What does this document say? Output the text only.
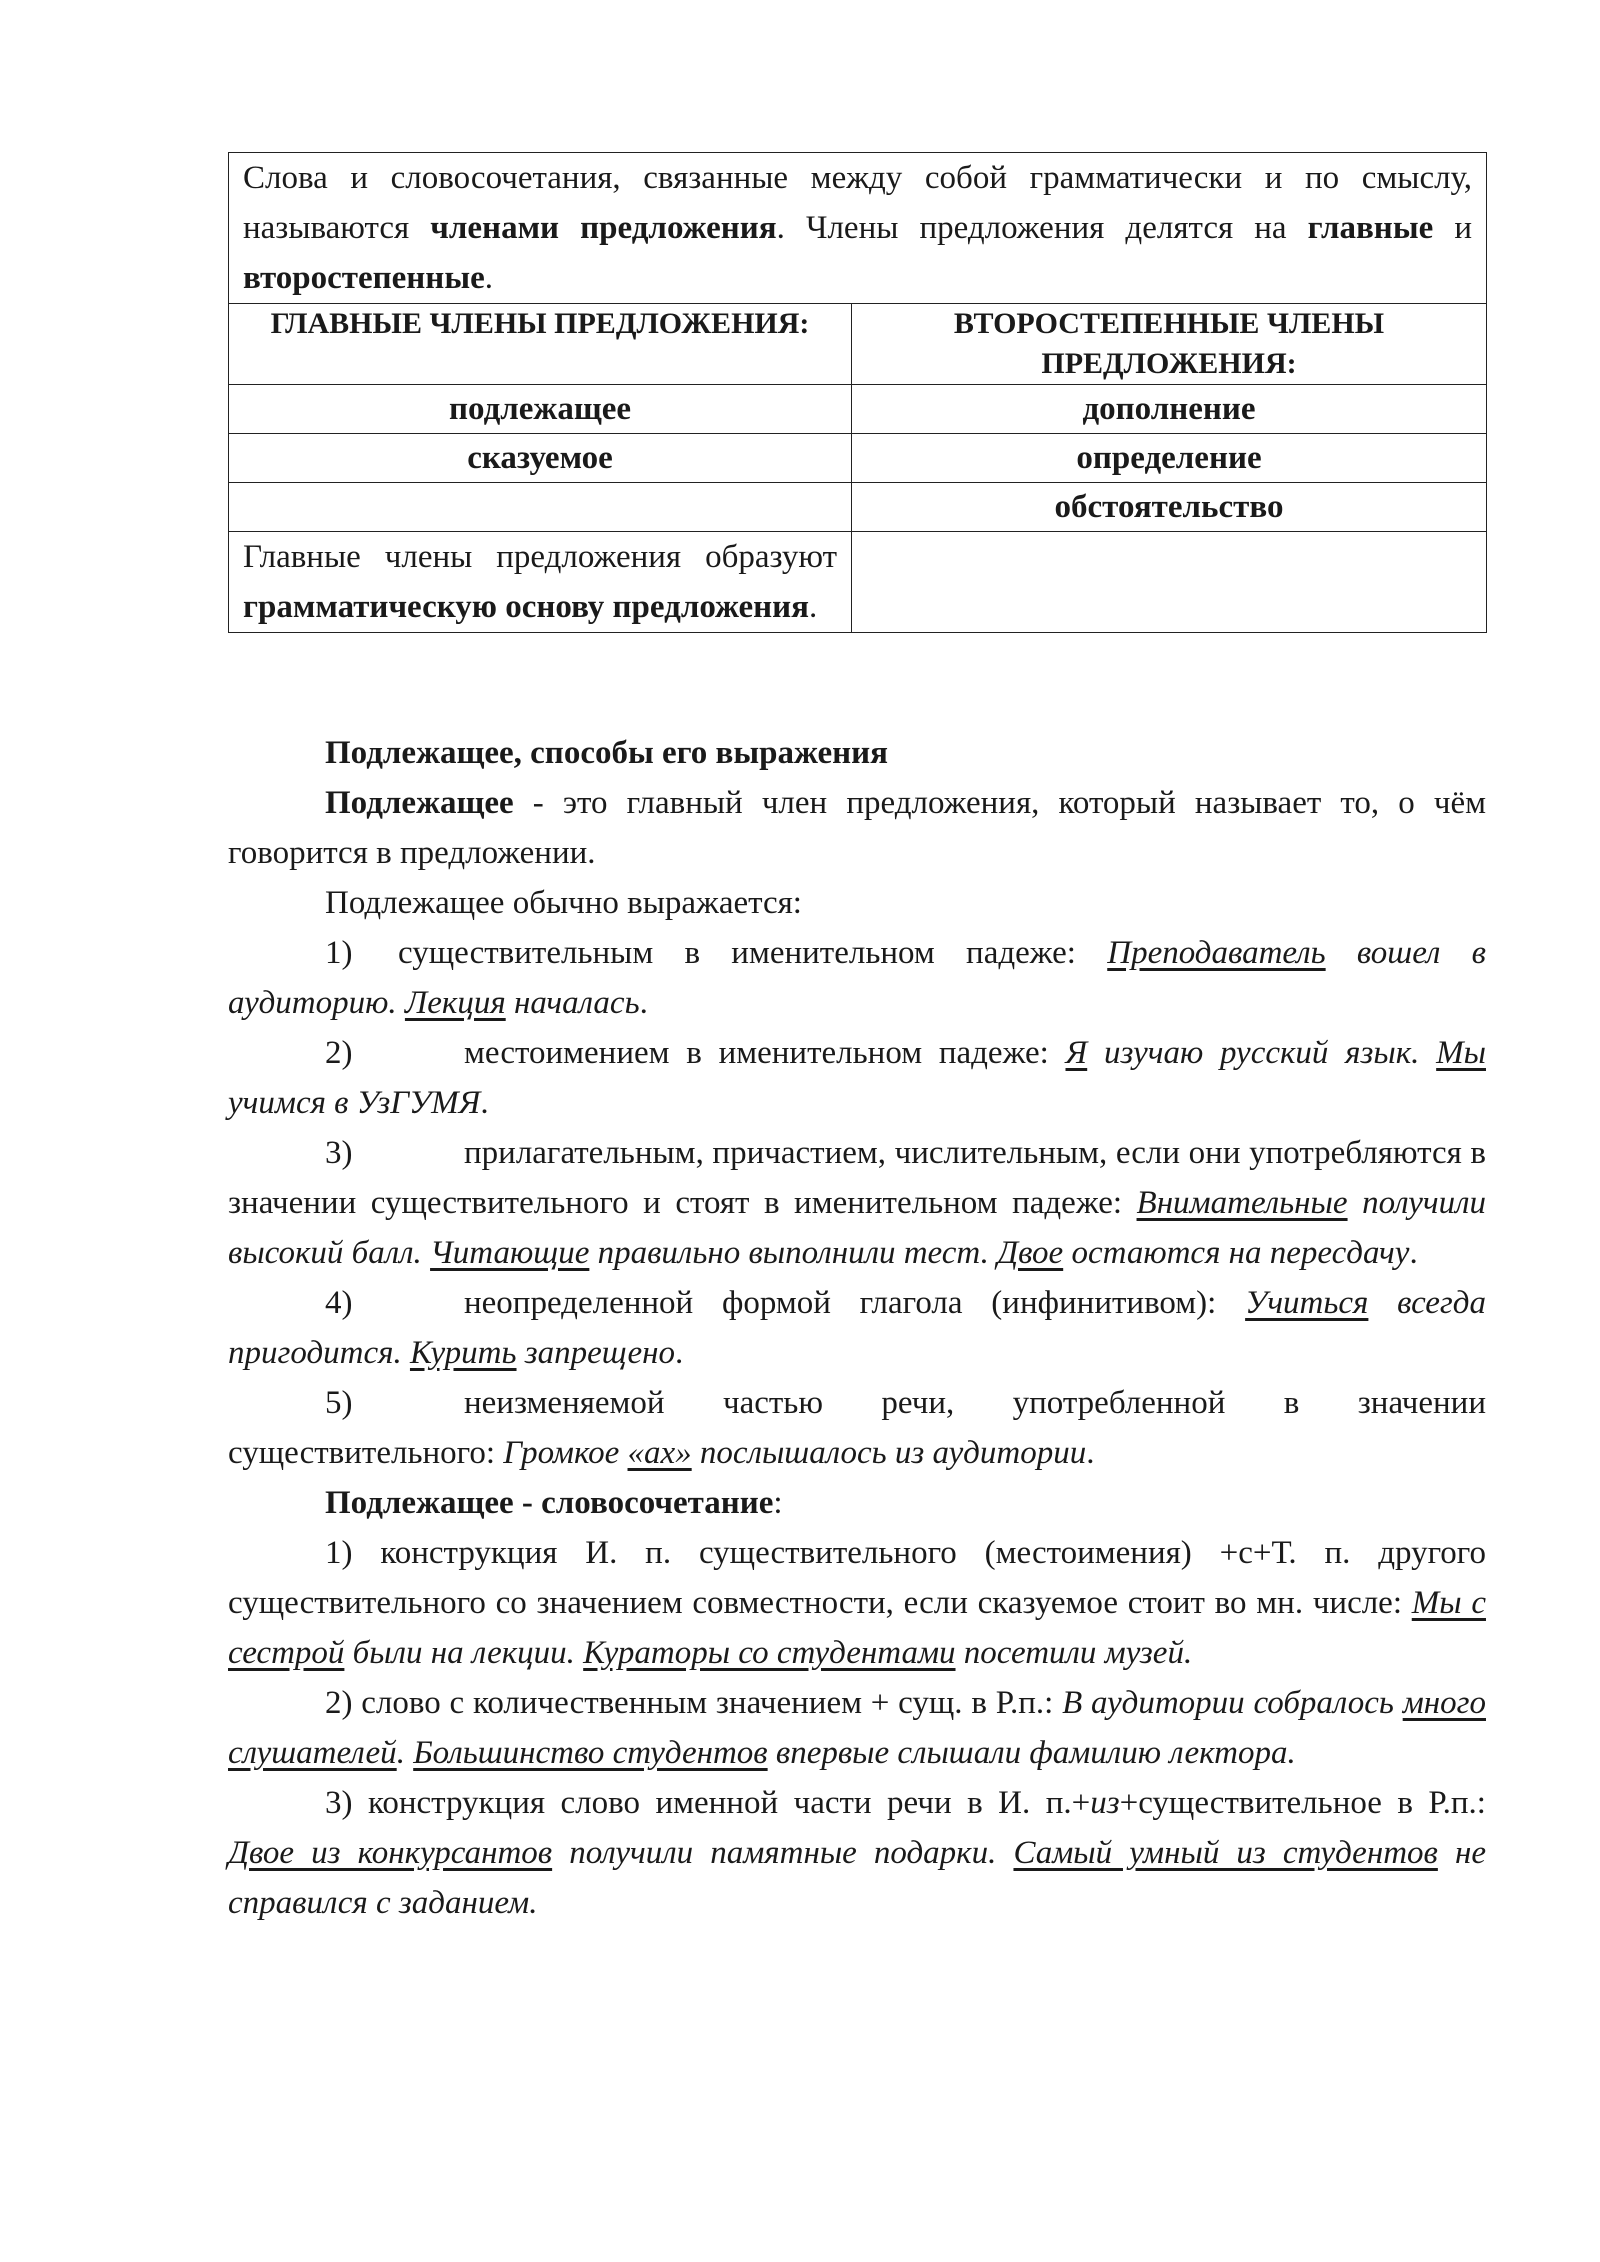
Слова и словосочетания, связанные между собой грамматически и по смыслу, называются членами предложения. Члены предложения делятся на главные и второстепенные.	
ГЛАВНЫЕ ЧЛЕНЫ ПРЕДЛОЖЕНИЯ:	ВТОРОСТЕПЕННЫЕ ЧЛЕНЫ ПРЕДЛОЖЕНИЯ:
подлежащее	дополнение
сказуемое	определение
	обстоятельство
Главные члены предложения образуют грамматическую основу предложения.	

Подлежащее, способы его выражения

Подлежащее - это главный член предложения, который называет то, о чём говорится в предложении.

Подлежащее обычно выражается:

1) существительным в именительном падеже: Преподаватель вошел в аудиторию. Лекция началась.

2)	местоимением в именительном падеже: Я изучаю русский язык. Мы учимся в УзГУМЯ.

3)	прилагательным, причастием, числительным, если они употребляются в значении существительного и стоят в именительном падеже: Внимательные получили высокий балл. Читающие правильно выполнили тест. Двое остаются на пересдачу.

4)	неопределенной формой глагола (инфинитивом): Учиться всегда пригодится. Курить запрещено.

5)	неизменяемой частью речи, употребленной в значении существительного: Громкое «ах» послышалось из аудитории.

Подлежащее - словосочетание:

1) конструкция И. п. существительного (местоимения) +с+Т. п. другого существительного со значением совместности, если сказуемое стоит во мн. числе: Мы с сестрой были на лекции. Кураторы со студентами посетили музей.

2) слово с количественным значением + сущ. в Р.п.: В аудитории собралось много слушателей. Большинство студентов впервые слышали фамилию лектора.

3) конструкция слово именной части речи в И. п.+из+существительное в Р.п.: Двое из конкурсантов получили памятные подарки. Самый умный из студентов не справился с заданием.
